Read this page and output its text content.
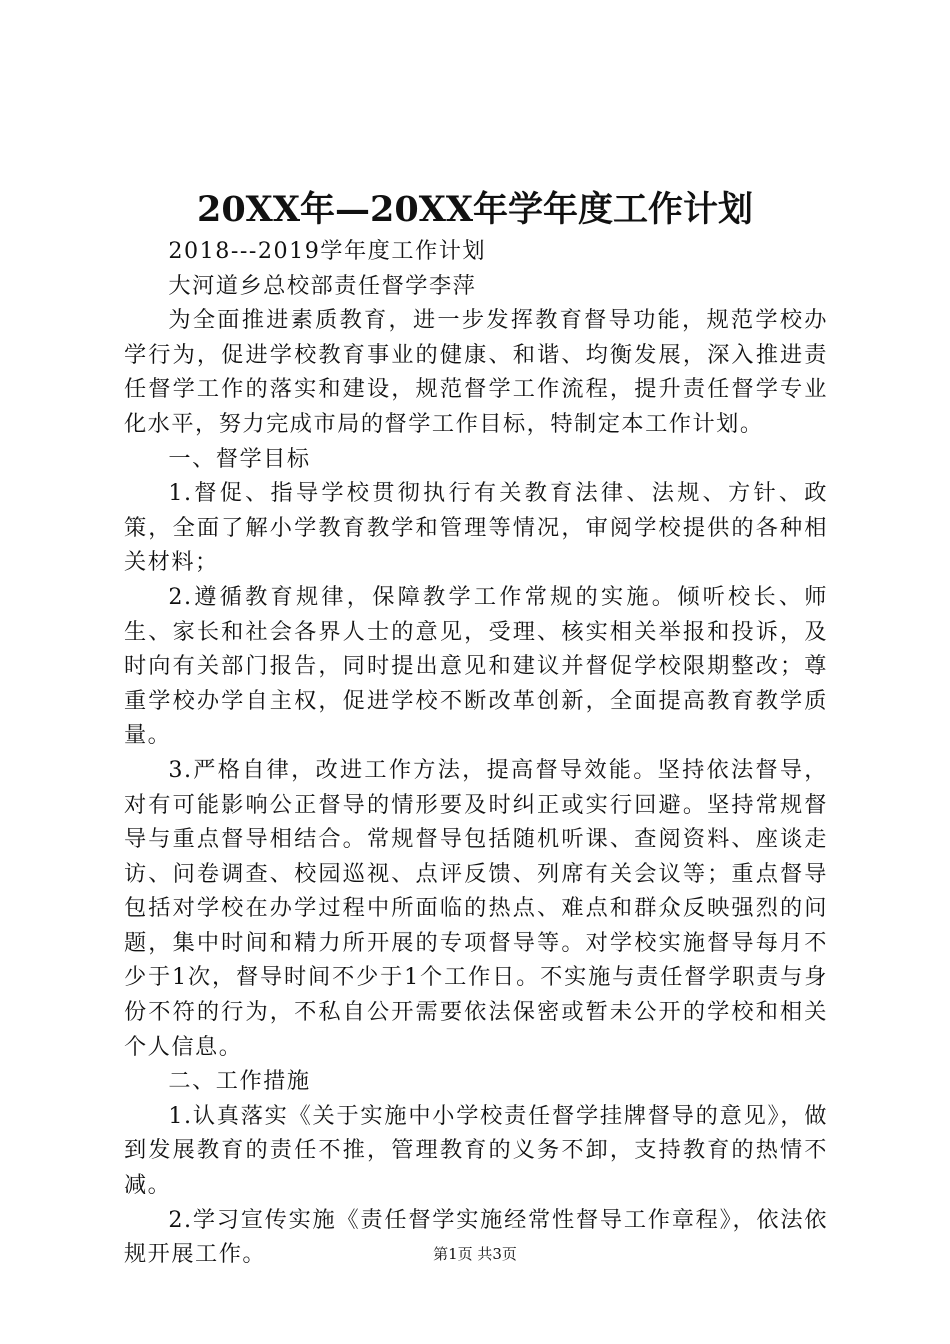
20XX年—20XX年学年度工作计划

2018---2019学年度工作计划

大河道乡总校部责任督学李萍

为全面推进素质教育，进一步发挥教育督导功能，规范学校办学行为，促进学校教育事业的健康、和谐、均衡发展，深入推进责任督学工作的落实和建设，规范督学工作流程，提升责任督学专业化水平，努力完成市局的督学工作目标，特制定本工作计划。

一、督学目标

1.督促、指导学校贯彻执行有关教育法律、法规、方针、政策，全面了解小学教育教学和管理等情况，审阅学校提供的各种相关材料；

2.遵循教育规律，保障教学工作常规的实施。倾听校长、师生、家长和社会各界人士的意见，受理、核实相关举报和投诉，及时向有关部门报告，同时提出意见和建议并督促学校限期整改；尊重学校办学自主权，促进学校不断改革创新，全面提高教育教学质量。

3.严格自律，改进工作方法，提高督导效能。坚持依法督导，对有可能影响公正督导的情形要及时纠正或实行回避。坚持常规督导与重点督导相结合。常规督导包括随机听课、查阅资料、座谈走访、问卷调查、校园巡视、点评反馈、列席有关会议等；重点督导包括对学校在办学过程中所面临的热点、难点和群众反映强烈的问题，集中时间和精力所开展的专项督导等。对学校实施督导每月不少于1次，督导时间不少于1个工作日。不实施与责任督学职责与身份不符的行为，不私自公开需要依法保密或暂未公开的学校和相关个人信息。

二、工作措施

1.认真落实《关于实施中小学校责任督学挂牌督导的意见》，做到发展教育的责任不推，管理教育的义务不卸，支持教育的热情不减。

2.学习宣传实施《责任督学实施经常性督导工作章程》，依法依规开展工作。	第1页 共3页
